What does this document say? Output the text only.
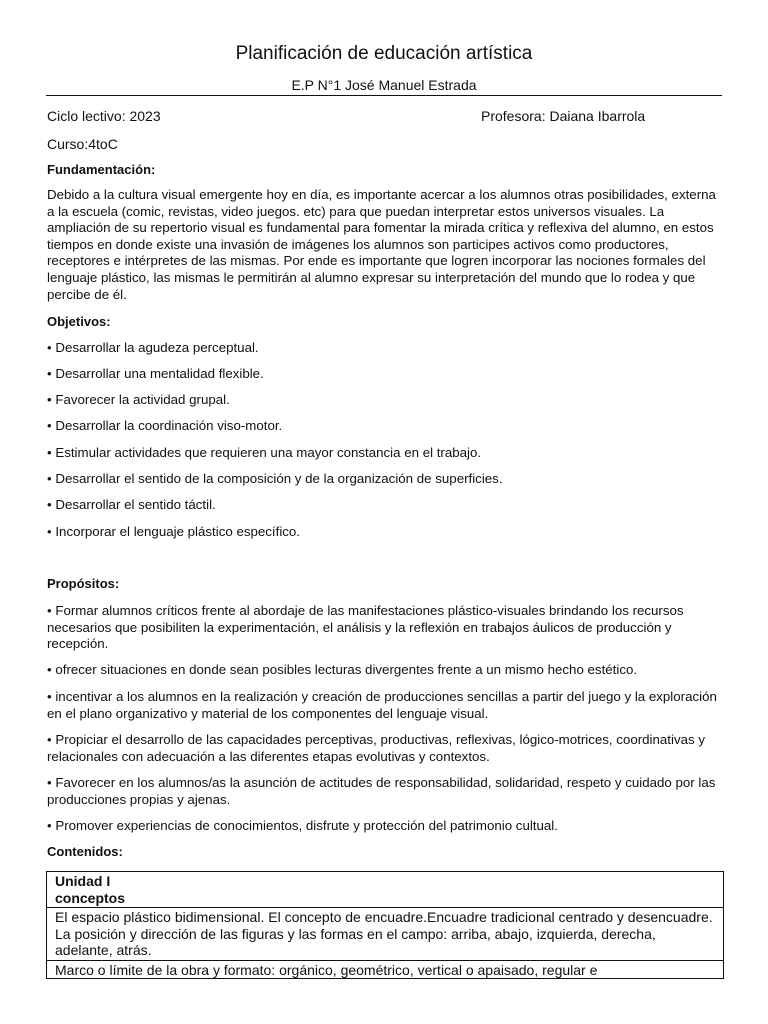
Planificación de educación artística
E.P N°1 José Manuel Estrada
Ciclo lectivo: 2023	Profesora: Daiana Ibarrola
Curso:4toC
Fundamentación:
Debido a la cultura visual emergente hoy en día, es importante acercar a los alumnos otras posibilidades, externa a la escuela (comic, revistas, video juegos. etc) para que puedan interpretar estos universos visuales. La ampliación de su repertorio visual es fundamental para fomentar la mirada crítica y reflexiva del alumno, en estos tiempos en donde existe una invasión de imágenes los alumnos son participes activos como productores, receptores e intérpretes de las mismas. Por ende es importante que logren incorporar las nociones formales del lenguaje plástico, las mismas le permitirán al alumno expresar su interpretación del mundo que lo rodea y que percibe de él.
Objetivos:
• Desarrollar la agudeza perceptual.
• Desarrollar una mentalidad flexible.
• Favorecer la actividad grupal.
• Desarrollar la coordinación viso-motor.
• Estimular actividades que requieren una mayor constancia en el trabajo.
• Desarrollar el sentido de la composición y de la organización de superficies.
• Desarrollar el sentido táctil.
• Incorporar el lenguaje plástico específico.
Propósitos:
• Formar alumnos críticos frente al abordaje de las manifestaciones plástico-visuales brindando los recursos necesarios que posibiliten la experimentación, el análisis y la reflexión en trabajos áulicos de producción y recepción.
• ofrecer situaciones en donde sean posibles lecturas divergentes frente a un mismo hecho estético.
• incentivar a los alumnos en la realización y creación de producciones sencillas a partir del juego y la exploración en el plano organizativo y material de los componentes del lenguaje visual.
• Propiciar el desarrollo de las capacidades perceptivas, productivas, reflexivas, lógico-motrices, coordinativas y relacionales con adecuación a las diferentes etapas evolutivas y contextos.
• Favorecer en los alumnos/as la asunción de actitudes de responsabilidad, solidaridad, respeto y cuidado por las producciones propias y ajenas.
• Promover experiencias de conocimientos, disfrute y protección del patrimonio cultual.
Contenidos:
Unidad I
conceptos
El espacio plástico bidimensional. El concepto de encuadre.Encuadre tradicional centrado y desencuadre. La posición y dirección de las figuras y las formas en el campo: arriba, abajo, izquierda, derecha, adelante, atrás.
Marco o límite de la obra y formato: orgánico, geométrico, vertical o apaisado, regular e
